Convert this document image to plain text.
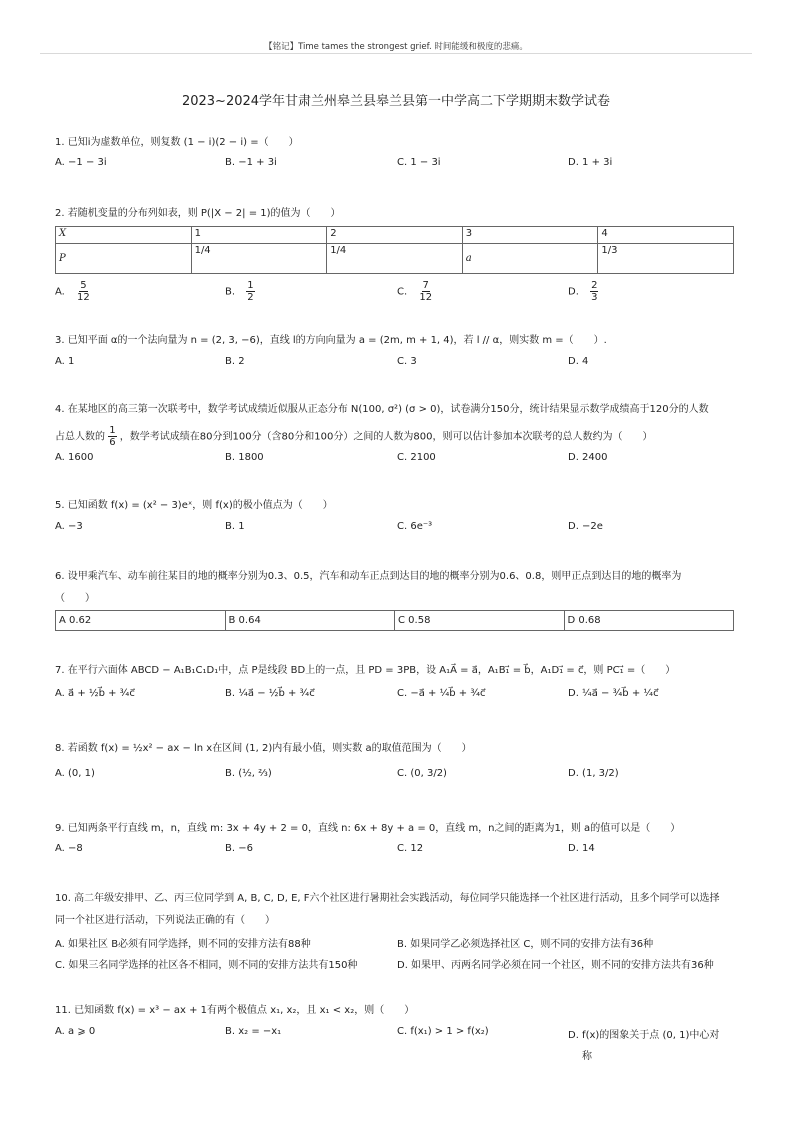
【铭记】Time tames the strongest grief. 时间能缓和极度的悲痛。
2023~2024学年甘肃兰州皋兰县皋兰县第一中学高二下学期期末数学试卷
1. 已知i为虚数单位，则复数 (1 − i)(2 − i) =（　　）
A. −1 − 3i	B. −1 + 3i	C. 1 − 3i	D. 1 + 3i
2. 若随机变量的分布列如表，则 P(|X − 2| = 1)的值为（　　）
X	1	2	3	4
P	1/4	1/4	a	1/3
A. $\frac{5}{12}$	B. $\frac{1}{2}$	C. $\frac{7}{12}$	D. $\frac{2}{3}$
3. 已知平面 α的一个法向量为 n = (2, 3, −6)，直线 l的方向向量为 a = (2m, m + 1, 4)，若 l // α，则实数 m =（　　）.
A. 1	B. 2	C. 3	D. 4
4. 在某地区的高三第一次联考中，数学考试成绩近似服从正态分布 N(100, σ²) (σ > 0)，试卷满分150分，统计结果显示数学成绩高于120分的人数
占总人数的 $\frac{1}{6}$ ，数学考试成绩在80分到100分（含80分和100分）之间的人数为800，则可以估计参加本次联考的总人数约为（　　）
A. 1600	B. 1800	C. 2100	D. 2400
5. 已知函数 f(x) = (x² − 3)eˣ，则 f(x)的极小值点为（　　）
A. −3	B. 1	C. 6e⁻³	D. −2e
6. 设甲乘汽车、动车前往某目的地的概率分别为0.3、0.5，汽车和动车正点到达目的地的概率分别为0.6、0.8，则甲正点到达目的地的概率为
（　　）
A 0.62	B 0.64	C 0.58	D 0.68
7. 在平行六面体 ABCD − A₁B₁C₁D₁中，点 P是线段 BD上的一点，且 PD = 3PB，设 A₁A⃗ = a⃗，A₁B₁⃗ = b⃗，A₁D₁⃗ = c⃗，则 PC₁⃗ =（　　）
A. a⃗ + ½b⃗ + ¾c⃗	B. ¼a⃗ − ½b⃗ + ¾c⃗	C. −a⃗ + ¼b⃗ + ¾c⃗	D. ¼a⃗ − ¾b⃗ + ¼c⃗
8. 若函数 f(x) = ½x² − ax − ln x在区间 (1, 2)内有最小值，则实数 a的取值范围为（　　）
A. (0, 1)	B. (½, ⅔)	C. (0, 3/2)	D. (1, 3/2)
9. 已知两条平行直线 m，n，直线 m: 3x + 4y + 2 = 0，直线 n: 6x + 8y + a = 0，直线 m，n之间的距离为1，则 a的值可以是（　　）
A. −8	B. −6	C. 12	D. 14
10. 高二年级安排甲、乙、丙三位同学到 A, B, C, D, E, F六个社区进行暑期社会实践活动，每位同学只能选择一个社区进行活动，且多个同学可以选择
同一个社区进行活动，下列说法正确的有（　　）
A. 如果社区 B必须有同学选择，则不同的安排方法有88种	B. 如果同学乙必须选择社区 C，则不同的安排方法有36种
C. 如果三名同学选择的社区各不相同，则不同的安排方法共有150种	D. 如果甲、丙两名同学必须在同一个社区，则不同的安排方法共有36种
11. 已知函数 f(x) = x³ − ax + 1有两个极值点 x₁, x₂，且 x₁ < x₂，则（　　）
A. a ⩾ 0	B. x₂ = −x₁	C. f(x₁) > 1 > f(x₂)	D. f(x)的图象关于点 (0, 1)中心对
称
